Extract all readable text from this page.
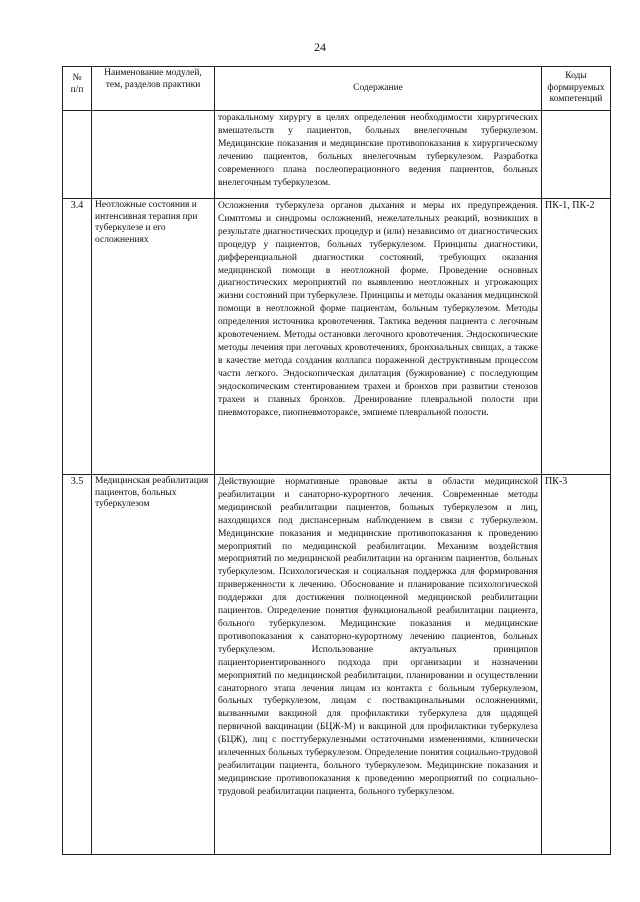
24
№
п/п	Наименование модулей, тем, разделов практики	Содержание	Коды формируемых компетенций
		торакальному хирургу в целях определения необходимости хирургических вмешательств у пациентов, больных внелегочным туберкулезом. Медицинские показания и медицинские противопоказания к хирургическому лечению пациентов, больных внелегочным туберкулезом. Разработка современного плана послеоперационного ведения пациентов, больных внелегочным туберкулезом.	
3.4	Неотложные состояния и интенсивная терапия при туберкулезе и его осложнениях	Осложнения туберкулеза органов дыхания и меры их предупреждения. Симптомы и синдромы осложнений, нежелательных реакций, возникших в результате диагностических процедур и (или) независимо от диагностических процедур у пациентов, больных туберкулезом. Принципы диагностики, дифференциальной диагностики состояний, требующих оказания медицинской помощи в неотложной форме. Проведение основных диагностических мероприятий по выявлению неотложных и угрожающих жизни состояний при туберкулезе. Принципы и методы оказания медицинской помощи в неотложной форме пациентам, больным туберкулезом. Методы определения источника кровотечения. Тактика ведения пациента с легочным кровотечением. Методы остановки легочного кровотечения. Эндоскопические методы лечения при легочных кровотечениях, бронхиальных свищах, а также в качестве метода создания коллапса пораженной деструктивным процессом части легкого. Эндоскопическая дилатация (бужирование) с последующим эндоскопическим стентированием трахеи и бронхов при развитии стенозов трахеи и главных бронхов. Дренирование плевральной полости при пневмотораксе, пиопневмотораксе, эмпиеме плевральной полости.	ПК-1, ПК-2
3.5	Медицинская реабилитация пациентов, больных туберкулезом	Действующие нормативные правовые акты в области медицинской реабилитации и санаторно-курортного лечения. Современные методы медицинской реабилитации пациентов, больных туберкулезом и лиц, находящихся под диспансерным наблюдением в связи с туберкулезом. Медицинские показания и медицинские противопоказания к проведению мероприятий по медицинской реабилитации. Механизм воздействия мероприятий по медицинской реабилитации на организм пациентов, больных туберкулезом. Психологическая и социальная поддержка для формирования приверженности к лечению. Обоснование и планирование психологической поддержки для достижения полноценной медицинской реабилитации пациентов. Определение понятия функциональной реабилитации пациента, больного туберкулезом. Медицинские показания и медицинские противопоказания к санаторно-курортному лечению пациентов, больных туберкулезом. Использование актуальных принципов пациенториентированного подхода при организации и назначении мероприятий по медицинской реабилитации, планировании и осуществлении санаторного этапа лечения лицам из контакта с больным туберкулезом, больных туберкулезом, лицам с поствакцинальными осложнениями, вызванными вакциной для профилактики туберкулеза для щадящей первичной вакцинации (БЦЖ-М) и вакциной для профилактики туберкулеза (БЦЖ), лиц с посттуберкулезными остаточными изменениями, клинически излеченных больных туберкулезом. Определение понятия социально-трудовой реабилитации пациента, больного туберкулезом. Медицинские показания и медицинские противопоказания к проведению мероприятий по социально-трудовой реабилитации пациента, больного туберкулезом.	ПК-3
